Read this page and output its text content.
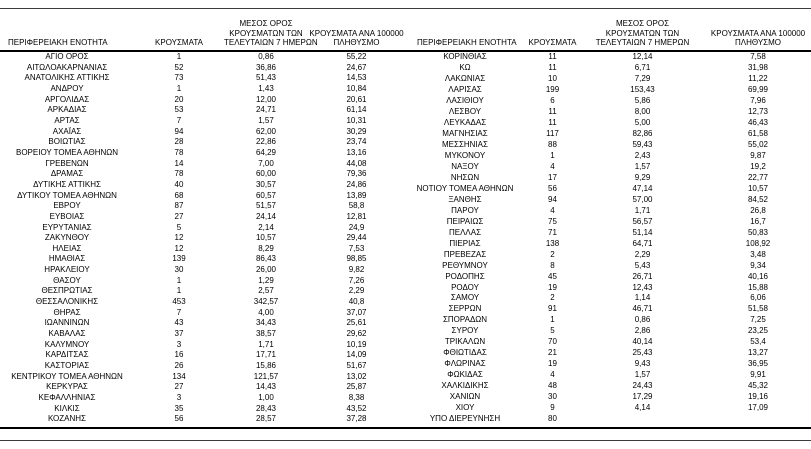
ΠΕΡΙΦΕΡΕΙΑΚΗ ΕΝΟΤΗΤΑ	ΚΡΟΥΣΜΑΤΑ	ΜΕΣΟΣ ΟΡΟΣ
ΚΡΟΥΣΜΑΤΩΝ ΤΩΝ
ΤΕΛΕΥΤΑΙΩΝ 7 ΗΜΕΡΩΝ	ΚΡΟΥΣΜΑΤΑ ΑΝΑ 100000
ΠΛΗΘΥΣΜΟ

ΑΓΙΟ ΟΡΟΣ	1	0,86	55,22
ΑΙΤΩΛΟΑΚΑΡΝΑΝΙΑΣ	52	36,86	24,67
ΑΝΑΤΟΛΙΚΗΣ ΑΤΤΙΚΗΣ	73	51,43	14,53
ΑΝΔΡΟΥ	1	1,43	10,84
ΑΡΓΟΛΙΔΑΣ	20	12,00	20,61
ΑΡΚΑΔΙΑΣ	53	24,71	61,14
ΑΡΤΑΣ	7	1,57	10,31
ΑΧΑΪΑΣ	94	62,00	30,29
ΒΟΙΩΤΙΑΣ	28	22,86	23,74
ΒΟΡΕΙΟΥ ΤΟΜΕΑ ΑΘΗΝΩΝ	78	64,29	13,16
ΓΡΕΒΕΝΩΝ	14	7,00	44,08
ΔΡΑΜΑΣ	78	60,00	79,36
ΔΥΤΙΚΗΣ ΑΤΤΙΚΗΣ	40	30,57	24,86
ΔΥΤΙΚΟΥ ΤΟΜΕΑ ΑΘΗΝΩΝ	68	60,57	13,89
ΕΒΡΟΥ	87	51,57	58,8
ΕΥΒΟΙΑΣ	27	24,14	12,81
ΕΥΡΥΤΑΝΙΑΣ	5	2,14	24,9
ΖΑΚΥΝΘΟΥ	12	10,57	29,44
ΗΛΕΙΑΣ	12	8,29	7,53
ΗΜΑΘΙΑΣ	139	86,43	98,85
ΗΡΑΚΛΕΙΟΥ	30	26,00	9,82
ΘΑΣΟΥ	1	1,29	7,26
ΘΕΣΠΡΩΤΙΑΣ	1	2,57	2,29
ΘΕΣΣΑΛΟΝΙΚΗΣ	453	342,57	40,8
ΘΗΡΑΣ	7	4,00	37,07
ΙΩΑΝΝΙΝΩΝ	43	34,43	25,61
ΚΑΒΑΛΑΣ	37	38,57	29,62
ΚΑΛΥΜΝΟΥ	3	1,71	10,19
ΚΑΡΔΙΤΣΑΣ	16	17,71	14,09
ΚΑΣΤΟΡΙΑΣ	26	15,86	51,67
ΚΕΝΤΡΙΚΟΥ ΤΟΜΕΑ ΑΘΗΝΩΝ	134	121,57	13,02
ΚΕΡΚΥΡΑΣ	27	14,43	25,87
ΚΕΦΑΛΛΗΝΙΑΣ	3	1,00	8,38
ΚΙΛΚΙΣ	35	28,43	43,52
ΚΟΖΑΝΗΣ	56	28,57	37,28
ΠΕΡΙΦΕΡΕΙΑΚΗ ΕΝΟΤΗΤΑ	ΚΡΟΥΣΜΑΤΑ	ΜΕΣΟΣ ΟΡΟΣ
ΚΡΟΥΣΜΑΤΩΝ ΤΩΝ
ΤΕΛΕΥΤΑΙΩΝ 7 ΗΜΕΡΩΝ	ΚΡΟΥΣΜΑΤΑ ΑΝΑ 100000
ΠΛΗΘΥΣΜΟ

ΚΟΡΙΝΘΙΑΣ	11	12,14	7,58
ΚΩ	11	6,71	31,98
ΛΑΚΩΝΙΑΣ	10	7,29	11,22
ΛΑΡΙΣΑΣ	199	153,43	69,99
ΛΑΣΙΘΙΟΥ	6	5,86	7,96
ΛΕΣΒΟΥ	11	8,00	12,73
ΛΕΥΚΑΔΑΣ	11	5,00	46,43
ΜΑΓΝΗΣΙΑΣ	117	82,86	61,58
ΜΕΣΣΗΝΙΑΣ	88	59,43	55,02
ΜΥΚΟΝΟΥ	1	2,43	9,87
ΝΑΞΟΥ	4	1,57	19,2
ΝΗΣΩΝ	17	9,29	22,77
ΝΟΤΙΟΥ ΤΟΜΕΑ ΑΘΗΝΩΝ	56	47,14	10,57
ΞΑΝΘΗΣ	94	57,00	84,52
ΠΑΡΟΥ	4	1,71	26,8
ΠΕΙΡΑΙΩΣ	75	56,57	16,7
ΠΕΛΛΑΣ	71	51,14	50,83
ΠΙΕΡΙΑΣ	138	64,71	108,92
ΠΡΕΒΕΖΑΣ	2	2,29	3,48
ΡΕΘΥΜΝΟΥ	8	5,43	9,34
ΡΟΔΟΠΗΣ	45	26,71	40,16
ΡΟΔΟΥ	19	12,43	15,88
ΣΑΜΟΥ	2	1,14	6,06
ΣΕΡΡΩΝ	91	46,71	51,58
ΣΠΟΡΑΔΩΝ	1	0,86	7,25
ΣΥΡΟΥ	5	2,86	23,25
ΤΡΙΚΑΛΩΝ	70	40,14	53,4
ΦΘΙΩΤΙΔΑΣ	21	25,43	13,27
ΦΛΩΡΙΝΑΣ	19	9,43	36,95
ΦΩΚΙΔΑΣ	4	1,57	9,91
ΧΑΛΚΙΔΙΚΗΣ	48	24,43	45,32
ΧΑΝΙΩΝ	30	17,29	19,16
ΧΙΟΥ	9	4,14	17,09
ΥΠΟ ΔΙΕΡΕΥΝΗΣΗ	80		
